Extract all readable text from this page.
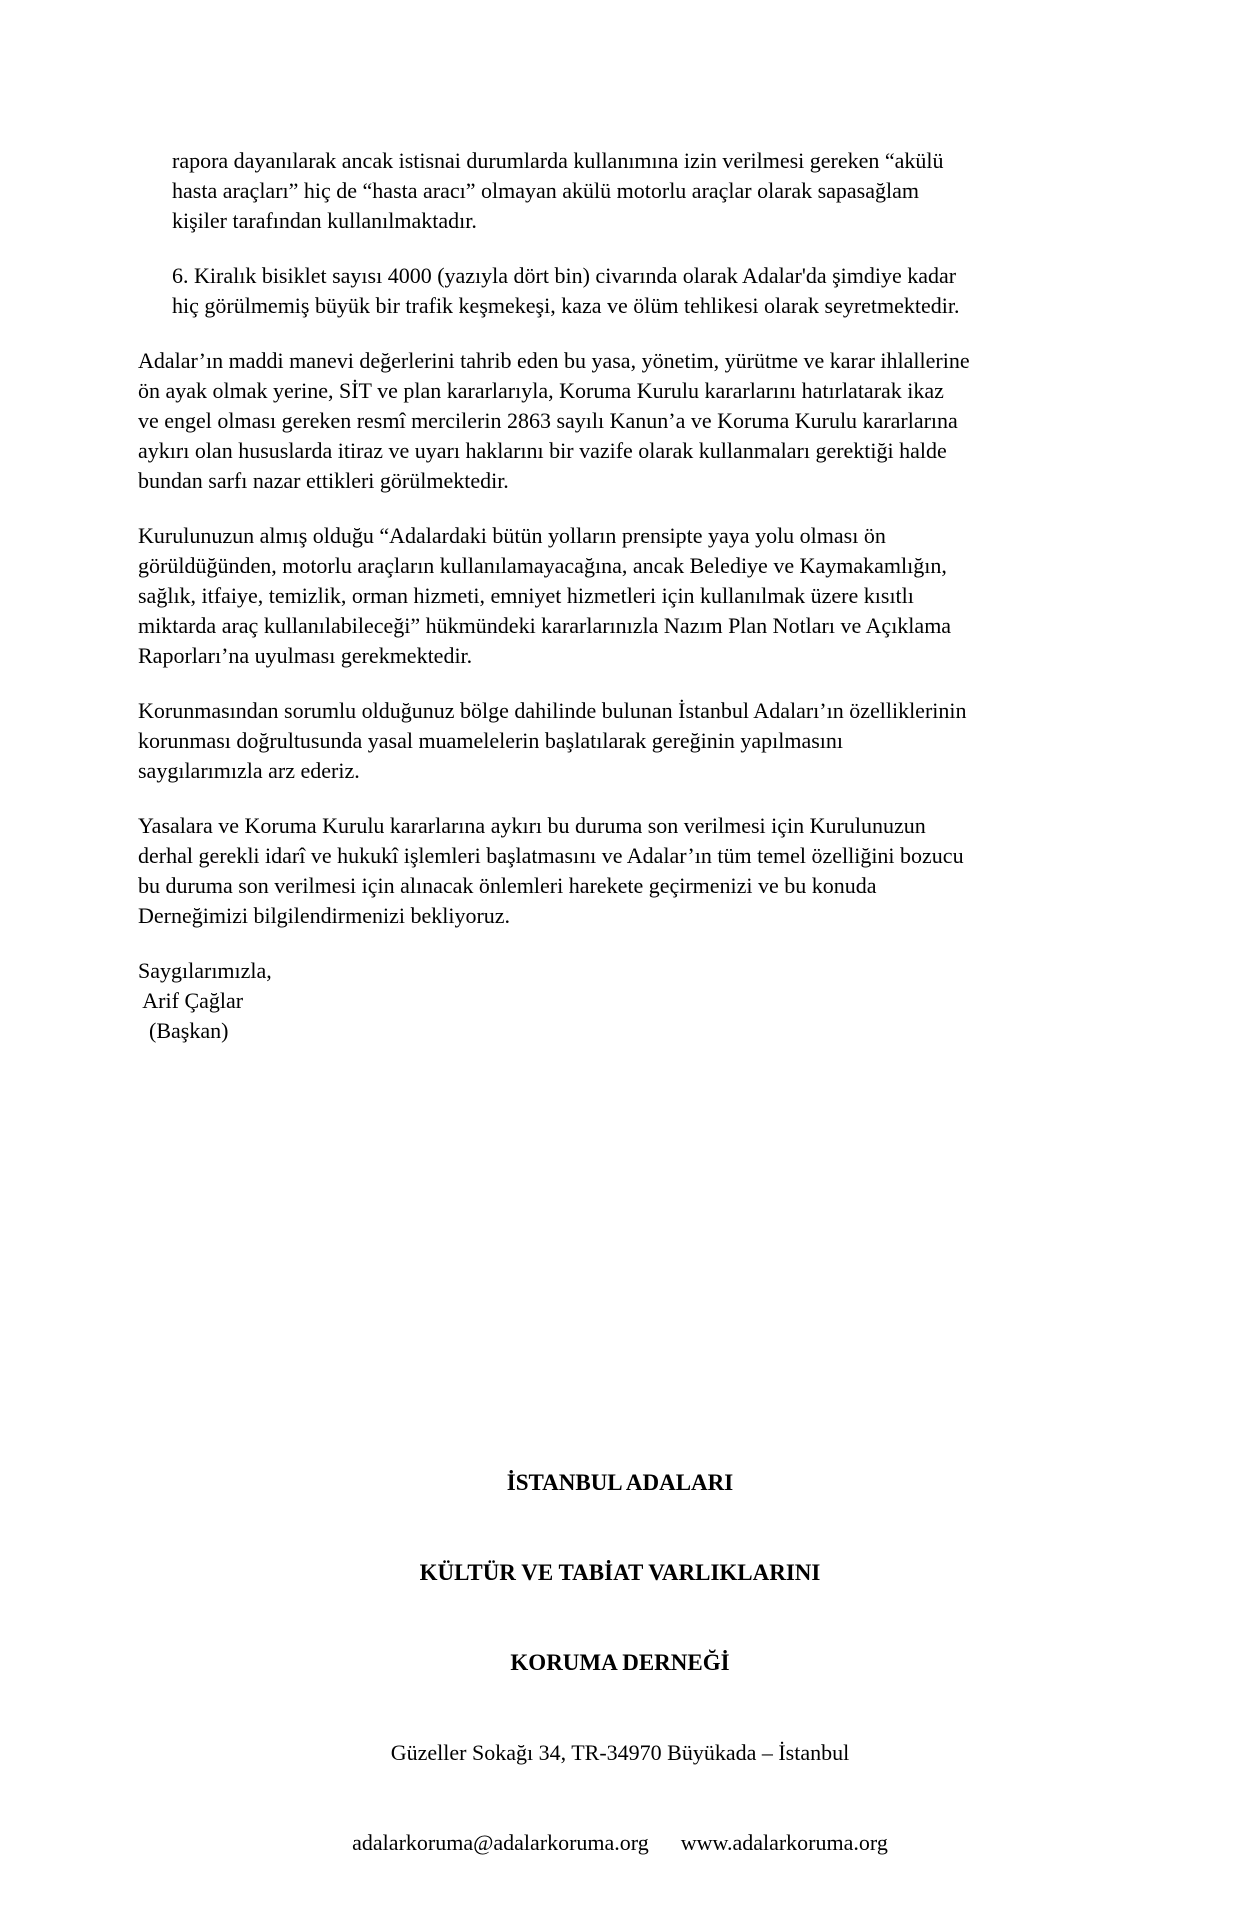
rapora dayanılarak ancak istisnai durumlarda kullanımına izin verilmesi gereken “akülü
hasta araçları” hiç de “hasta aracı” olmayan akülü motorlu araçlar olarak sapasağlam
kişiler tarafından kullanılmaktadır.

6. Kiralık bisiklet sayısı 4000 (yazıyla dört bin) civarında olarak Adalar'da şimdiye kadar
hiç görülmemiş büyük bir trafik keşmekeşi, kaza ve ölüm tehlikesi olarak seyretmektedir.

Adalar’ın maddi manevi değerlerini tahrib eden bu yasa, yönetim, yürütme ve karar ihlallerine
ön ayak olmak yerine, SİT ve plan kararlarıyla, Koruma Kurulu kararlarını hatırlatarak ikaz
ve engel olması gereken resmî mercilerin 2863 sayılı Kanun’a ve Koruma Kurulu kararlarına
aykırı olan hususlarda itiraz ve uyarı haklarını bir vazife olarak kullanmaları gerektiği halde
bundan sarfı nazar ettikleri görülmektedir.

Kurulunuzun almış olduğu “Adalardaki bütün yolların prensipte yaya yolu olması ön
görüldüğünden, motorlu araçların kullanılamayacağına, ancak Belediye ve Kaymakamlığın,
sağlık, itfaiye, temizlik, orman hizmeti, emniyet hizmetleri için kullanılmak üzere kısıtlı
miktarda araç kullanılabileceği” hükmündeki kararlarınızla Nazım Plan Notları ve Açıklama
Raporları’na uyulması gerekmektedir.

Korunmasından sorumlu olduğunuz bölge dahilinde bulunan İstanbul Adaları’ın özelliklerinin
korunması doğrultusunda yasal muamelelerin başlatılarak gereğinin yapılmasını
saygılarımızla arz ederiz.

Yasalara ve Koruma Kurulu kararlarına aykırı bu duruma son verilmesi için Kurulunuzun
derhal gerekli idarî ve hukukî işlemleri başlatmasını ve Adalar’ın tüm temel özelliğini bozucu
bu duruma son verilmesi için alınacak önlemleri harekete geçirmenizi ve bu konuda
Derneğimizi bilgilendirmenizi bekliyoruz.

Saygılarımızla,

Arif Çağlar

(Başkan)

İSTANBUL ADALARI

KÜLTÜR VE TABİAT VARLIKLARINI

KORUMA DERNEĞİ

Güzeller Sokağı 34, TR-34970 Büyükada – İstanbul

adalarkoruma@adalarkoruma.org www.adalarkoruma.org
